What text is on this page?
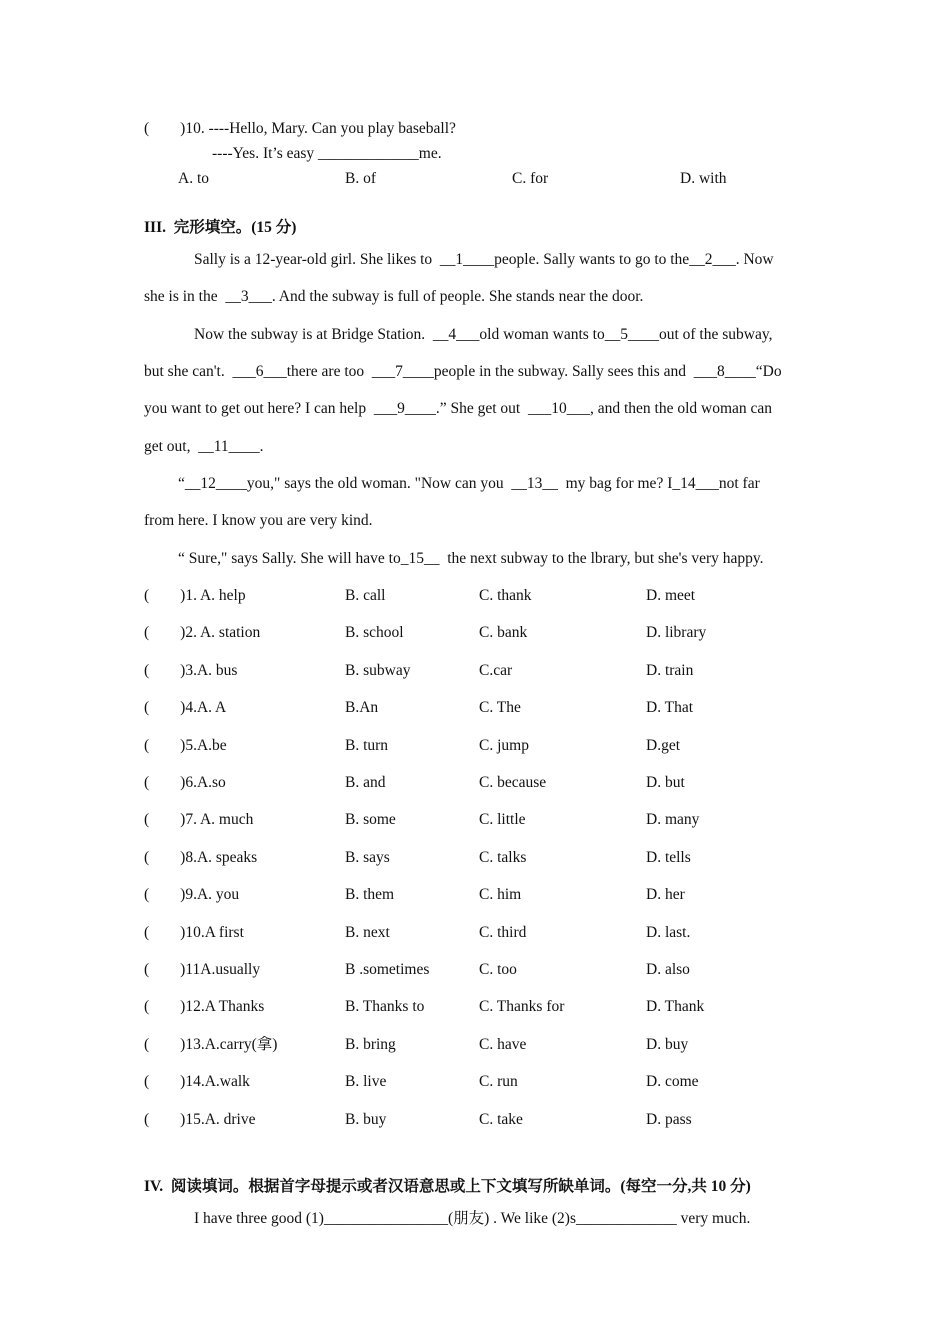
(        )10. ----Hello, Mary. Can you play baseball?
----Yes. It’s easy _____________me.
A. to	B. of	C. for	D. with
III.  完形填空。(15 分)
Sally is a 12-year-old girl. She likes to  __1____people. Sally wants to go to the__2___. Now
she is in the  __3___. And the subway is full of people. She stands near the door.
Now the subway is at Bridge Station.  __4___old woman wants to__5____out of the subway,
but she can't.  ___6___there are too  ___7____people in the subway. Sally sees this and  ___8____“Do
you want to get out here? I can help  ___9____.” She get out  ___10___, and then the old woman can
get out,  __11____.
“__12____you," says the old woman. "Now can you  __13__  my bag for me? I_14___not far
from here. I know you are very kind.
“ Sure," says Sally. She will have to_15__  the next subway to the lbrary, but she's very happy.
(        )1. A. help	B. call	C. thank	D. meet
(        )2. A. station	B. school	C. bank	D. library
(        )3.A. bus	B. subway	C.car	D. train
(        )4.A. A	B.An	C. The	D. That
(        )5.A.be	B. turn	C. jump	D.get
(        )6.A.so	B. and	C. because	D. but
(        )7. A. much	B. some	C. little	D. many
(        )8.A. speaks	B. says	C. talks	D. tells
(        )9.A. you	B. them	C. him	D. her
(        )10.A first	B. next	C. third	D. last.
(        )11A.usually	B .sometimes	C. too	D. also
(        )12.A Thanks	B. Thanks to	C. Thanks for	D. Thank
(        )13.A.carry(拿)	B. bring	C. have	D. buy
(        )14.A.walk	B. live	C. run	D. come
(        )15.A. drive	B. buy	C. take	D. pass
IV.  阅读填词。根据首字母提示或者汉语意思或上下文填写所缺单词。(每空一分,共 10 分)
I have three good (1)________________(朋友) . We like (2)s_____________ very much.
